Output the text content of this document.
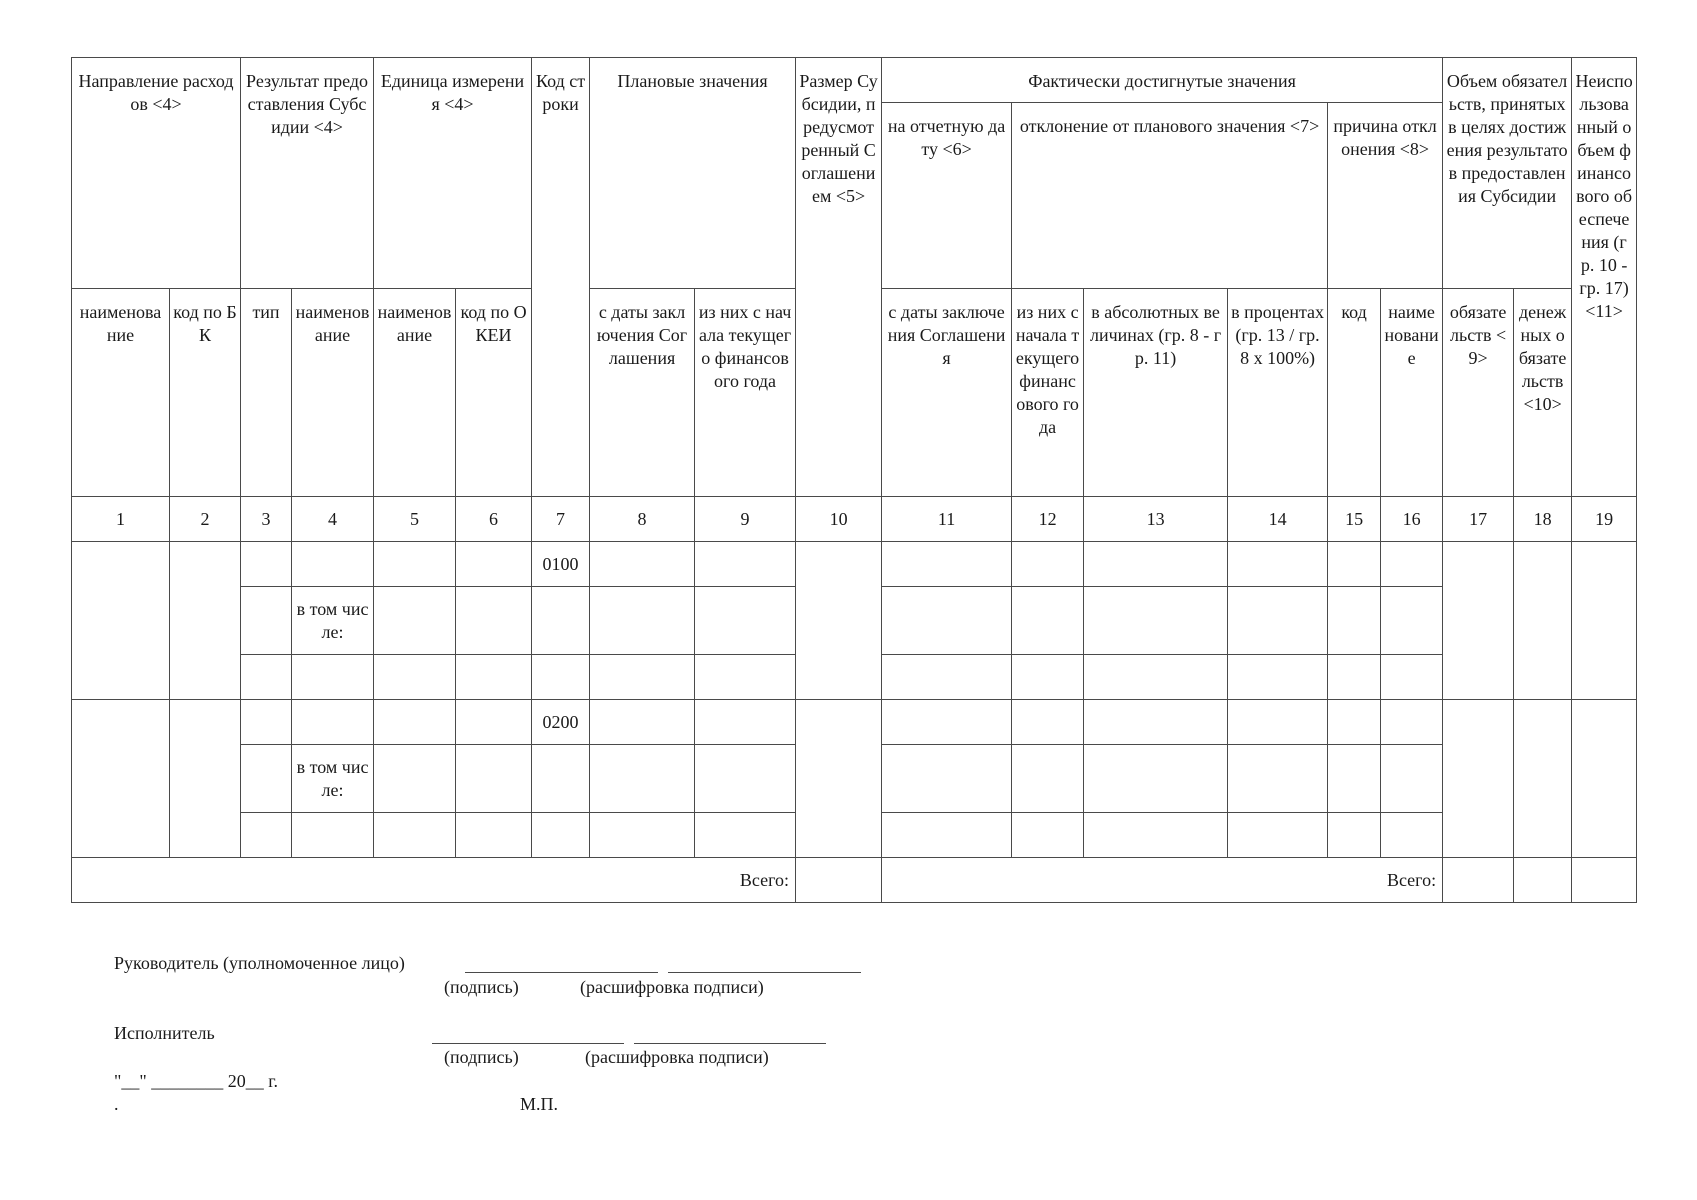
Направление расходов <4>		Результат предоставления Субсидии <4>		Единица измерения <4>		Код строки	Плановые значения		Размер Субсидии, предусмотренный Соглашением <5>	Фактически достигнутые значения						Объем обязательств, принятых в целях достижения результатов предоставления Субсидии		Неиспользованный объем финансового обеспечения (гр. 10 - гр. 17) <11>
										на отчетную дату <6>	отклонение от планового значения <7>			причина отклонения <8>				
наименование	код по БК	тип	наименование	наименование	код по ОКЕИ		с даты заключения Соглашения	из них с начала текущего финансового года		с даты заключения Соглашения	из них с начала текущего финансового года	в абсолютных величинах (гр. 8 - гр. 11)	в процентах (гр. 13 / гр. 8 x 100%)	код	наименование	обязательств <9>	денежных обязательств <10>	
1	2	3	4	5	6	7	8	9	10	11	12	13	14	15	16	17	18	19
						0100												
			в том числе:															

						0200												
			в том числе:															

Всего:										Всего:								
Руководитель (уполномоченное лицо)
(подпись)	(расшифровка подписи)
Исполнитель
(подпись)	(расшифровка подписи)
"__" ________ 20__ г.
.	М.П.
